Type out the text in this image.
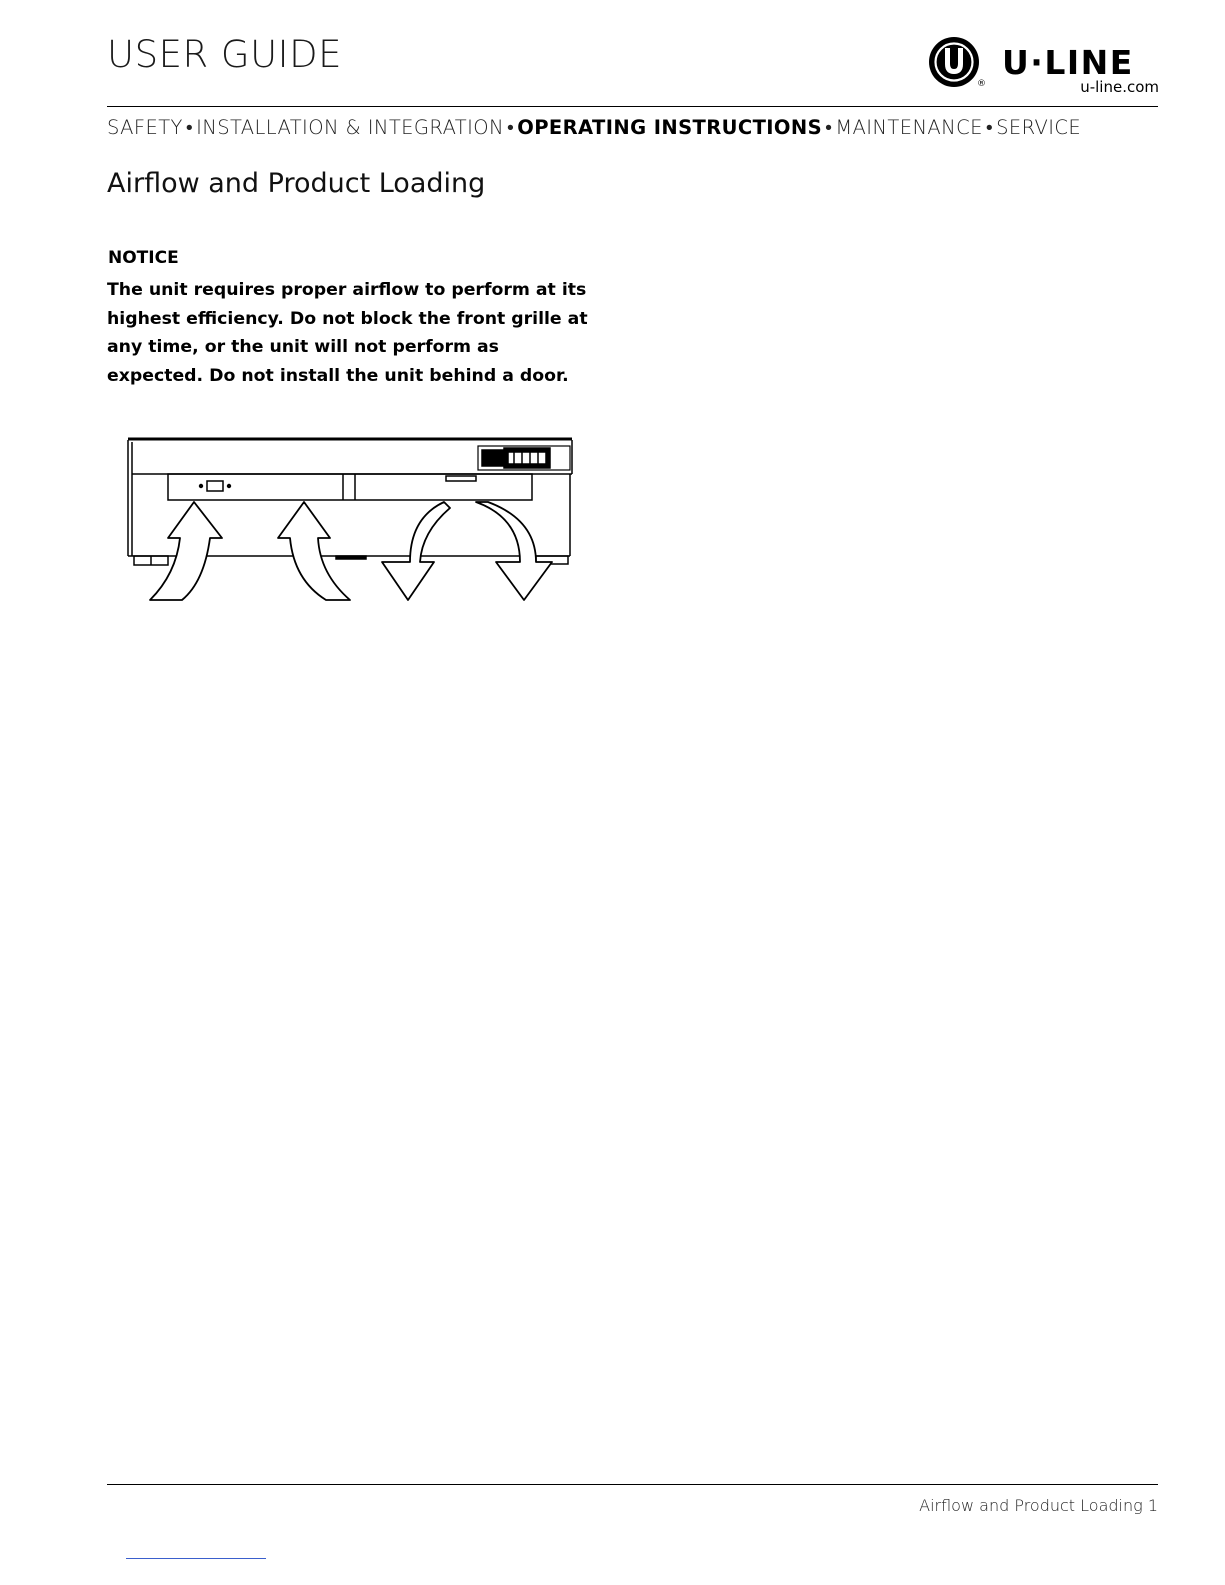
USER GUIDE
®
U·LINE
u-line.com
SAFETY • INSTALLATION & INTEGRATION • OPERATING INSTRUCTIONS • MAINTENANCE • SERVICE
Airflow and Product Loading
NOTICE

The unit requires proper airflow to perform at its highest efficiency. Do not block the front grille at any time, or the unit will not perform as expected. Do not install the unit behind a door.

Airflow and Product Loading 1
